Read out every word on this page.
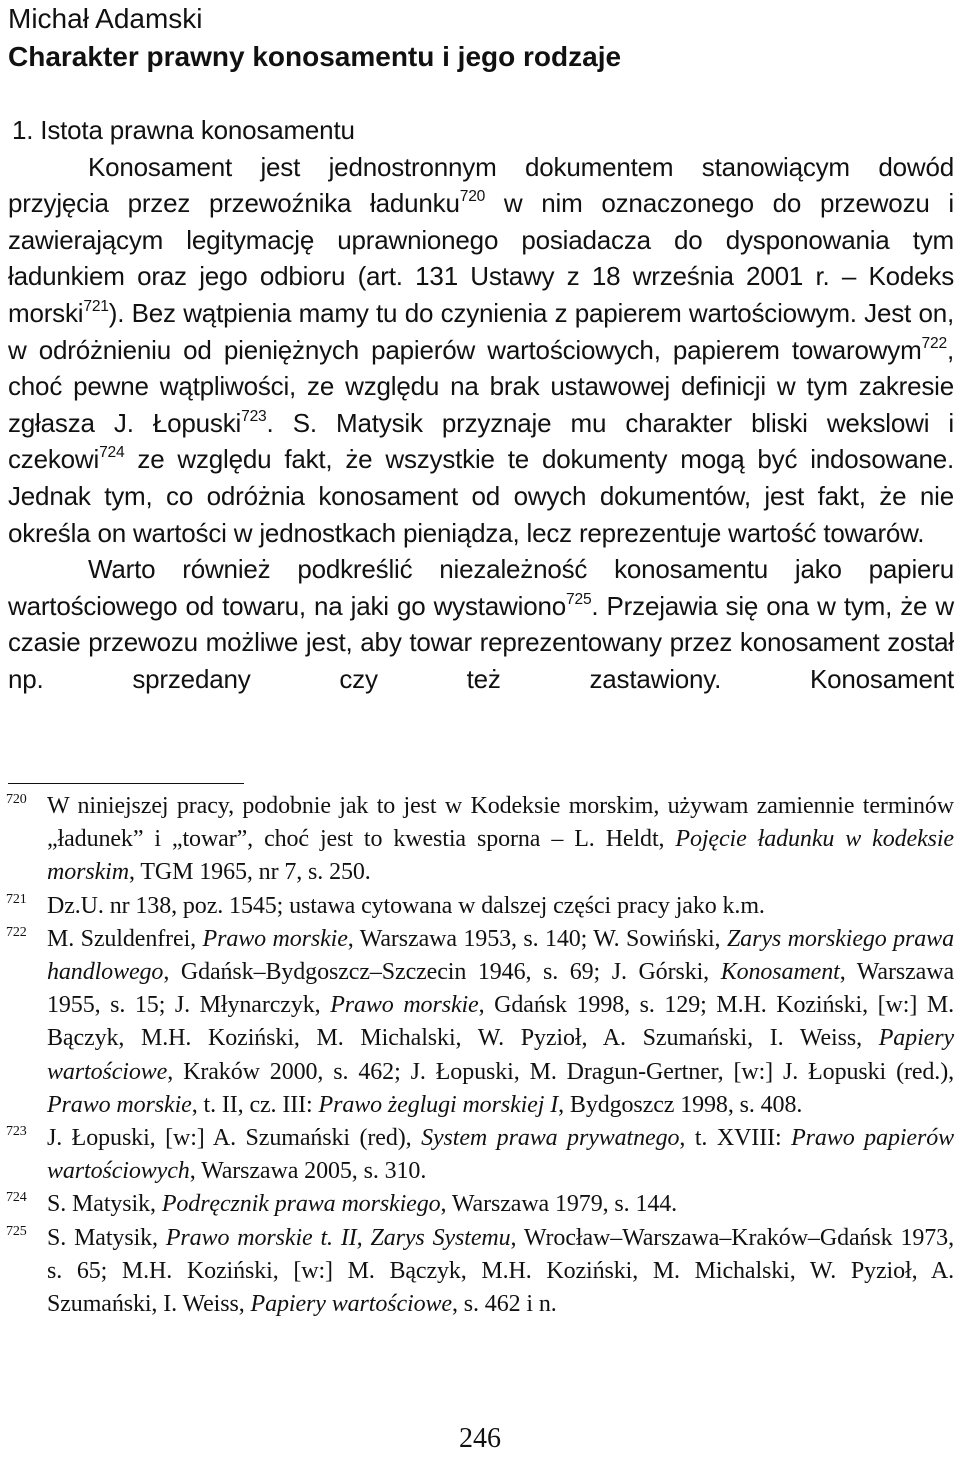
Michał Adamski
Charakter prawny konosamentu i jego rodzaje

1. Istota prawna konosamentu

Konosament jest jednostronnym dokumentem stanowiącym dowód przyjęcia przez przewoźnika ładunku$^{720}$ w nim oznaczonego do przewozu i zawierającym legitymację uprawnionego posiadacza do dysponowania tym ładunkiem oraz jego odbioru (art. 131 Ustawy z 18 września 2001 r. – Kodeks morski$^{721}$). Bez wątpienia mamy tu do czynienia z papierem wartościowym. Jest on, w odróżnieniu od pieniężnych papierów wartościowych, papierem towarowym$^{722}$, choć pewne wątpliwości, ze względu na brak ustawowej definicji w tym zakresie zgłasza J. Łopuski$^{723}$. S. Matysik przyznaje mu charakter bliski wekslowi i czekowi$^{724}$ ze względu fakt, że wszystkie te dokumenty mogą być indosowane. Jednak tym, co odróżnia konosament od owych dokumentów, jest fakt, że nie określa on wartości w jednostkach pieniądza, lecz reprezentuje wartość towarów.

Warto również podkreślić niezależność konosamentu jako papieru wartościowego od towaru, na jaki go wystawiono$^{725}$. Przejawia się ona w tym, że w czasie przewozu możliwe jest, aby towar reprezentowany przez konosament został np. sprzedany czy też zastawiony. Konosament

720 W niniejszej pracy, podobnie jak to jest w Kodeksie morskim, używam zamiennie terminów „ładunek” i „towar”, choć jest to kwestia sporna – L. Heldt, Pojęcie ładunku w kodeksie morskim, TGM 1965, nr 7, s. 250.
721 Dz.U. nr 138, poz. 1545; ustawa cytowana w dalszej części pracy jako k.m.
722 M. Szuldenfrei, Prawo morskie, Warszawa 1953, s. 140; W. Sowiński, Zarys morskiego prawa handlowego, Gdańsk–Bydgoszcz–Szczecin 1946, s. 69; J. Górski, Konosament, Warszawa 1955, s. 15; J. Młynarczyk, Prawo morskie, Gdańsk 1998, s. 129; M.H. Koziński, [w:] M. Bączyk, M.H. Koziński, M. Michalski, W. Pyzioł, A. Szumański, I. Weiss, Papiery wartościowe, Kraków 2000, s. 462; J. Łopuski, M. Dragun-Gertner, [w:] J. Łopuski (red.), Prawo morskie, t. II, cz. III: Prawo żeglugi morskiej I, Bydgoszcz 1998, s. 408.
723 J. Łopuski, [w:] A. Szumański (red), System prawa prywatnego, t. XVIII: Prawo papierów wartościowych, Warszawa 2005, s. 310.
724 S. Matysik, Podręcznik prawa morskiego, Warszawa 1979, s. 144.
725 S. Matysik, Prawo morskie t. II, Zarys Systemu, Wrocław–Warszawa–Kraków–Gdańsk 1973, s. 65; M.H. Koziński, [w:] M. Bączyk, M.H. Koziński, M. Michalski, W. Pyzioł, A. Szumański, I. Weiss, Papiery wartościowe, s. 462 i n.
246
